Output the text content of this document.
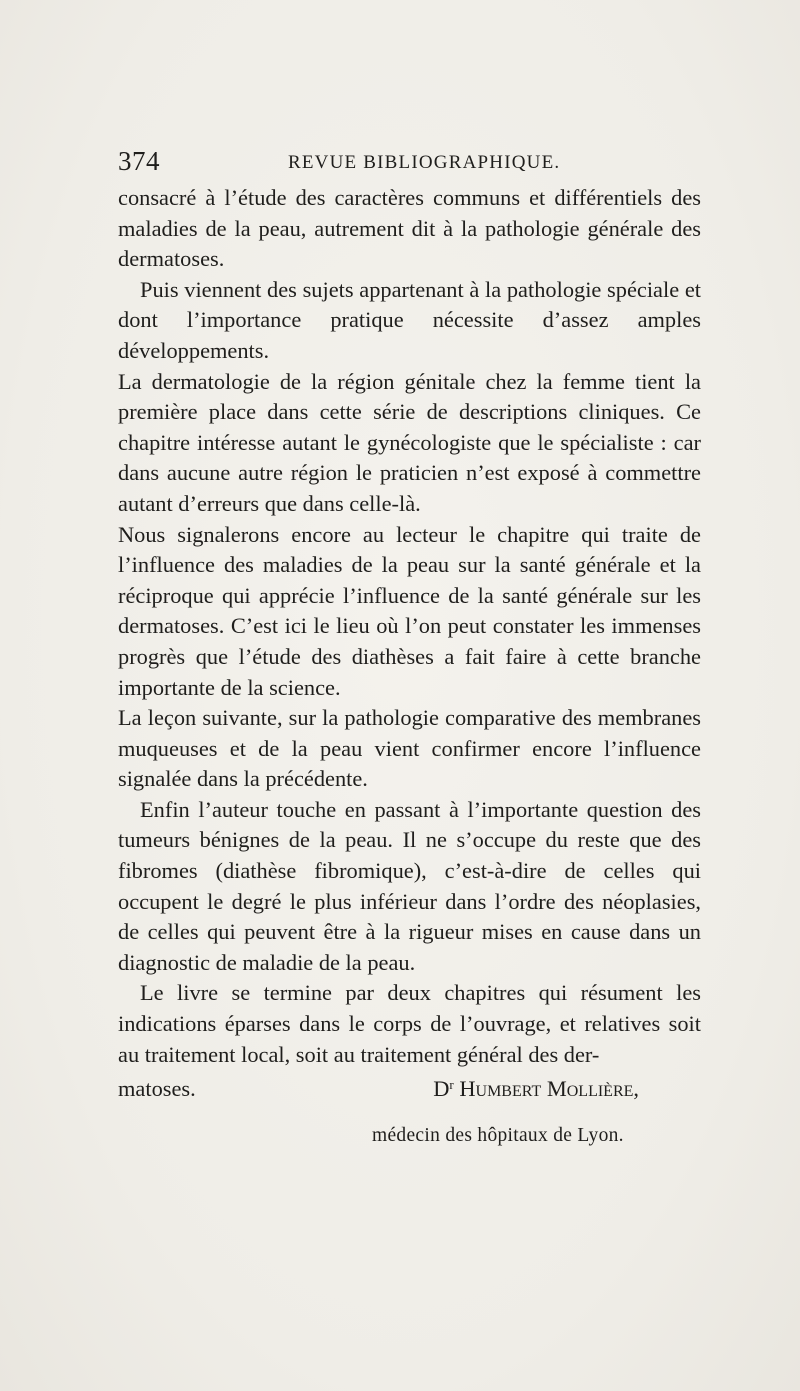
374	REVUE BIBLIOGRAPHIQUE.

consacré à l’étude des caractères communs et différentiels des maladies de la peau, autrement dit à la pathologie générale des dermatoses.

Puis viennent des sujets appartenant à la pathologie spéciale et dont l’importance pratique nécessite d’assez amples développements.

La dermatologie de la région génitale chez la femme tient la première place dans cette série de descriptions cliniques. Ce chapitre intéresse autant le gynécologiste que le spécialiste : car dans aucune autre région le praticien n’est exposé à commettre autant d’erreurs que dans celle-là.

Nous signalerons encore au lecteur le chapitre qui traite de l’influence des maladies de la peau sur la santé générale et la réciproque qui apprécie l’influence de la santé générale sur les dermatoses. C’est ici le lieu où l’on peut constater les immenses progrès que l’étude des diathèses a fait faire à cette branche importante de la science.

La leçon suivante, sur la pathologie comparative des membranes muqueuses et de la peau vient confirmer encore l’influence signalée dans la précédente.

Enfin l’auteur touche en passant à l’importante question des tumeurs bénignes de la peau. Il ne s’occupe du reste que des fibromes (diathèse fibromique), c’est-à-dire de celles qui occupent le degré le plus inférieur dans l’ordre des néoplasies, de celles qui peuvent être à la rigueur mises en cause dans un diagnostic de maladie de la peau.

Le livre se termine par deux chapitres qui résument les indications éparses dans le corps de l’ouvrage, et relatives soit au traitement local, soit au traitement général des der-

matoses.	$D^r$ Humbert Mollière,
médecin des hôpitaux de Lyon.
